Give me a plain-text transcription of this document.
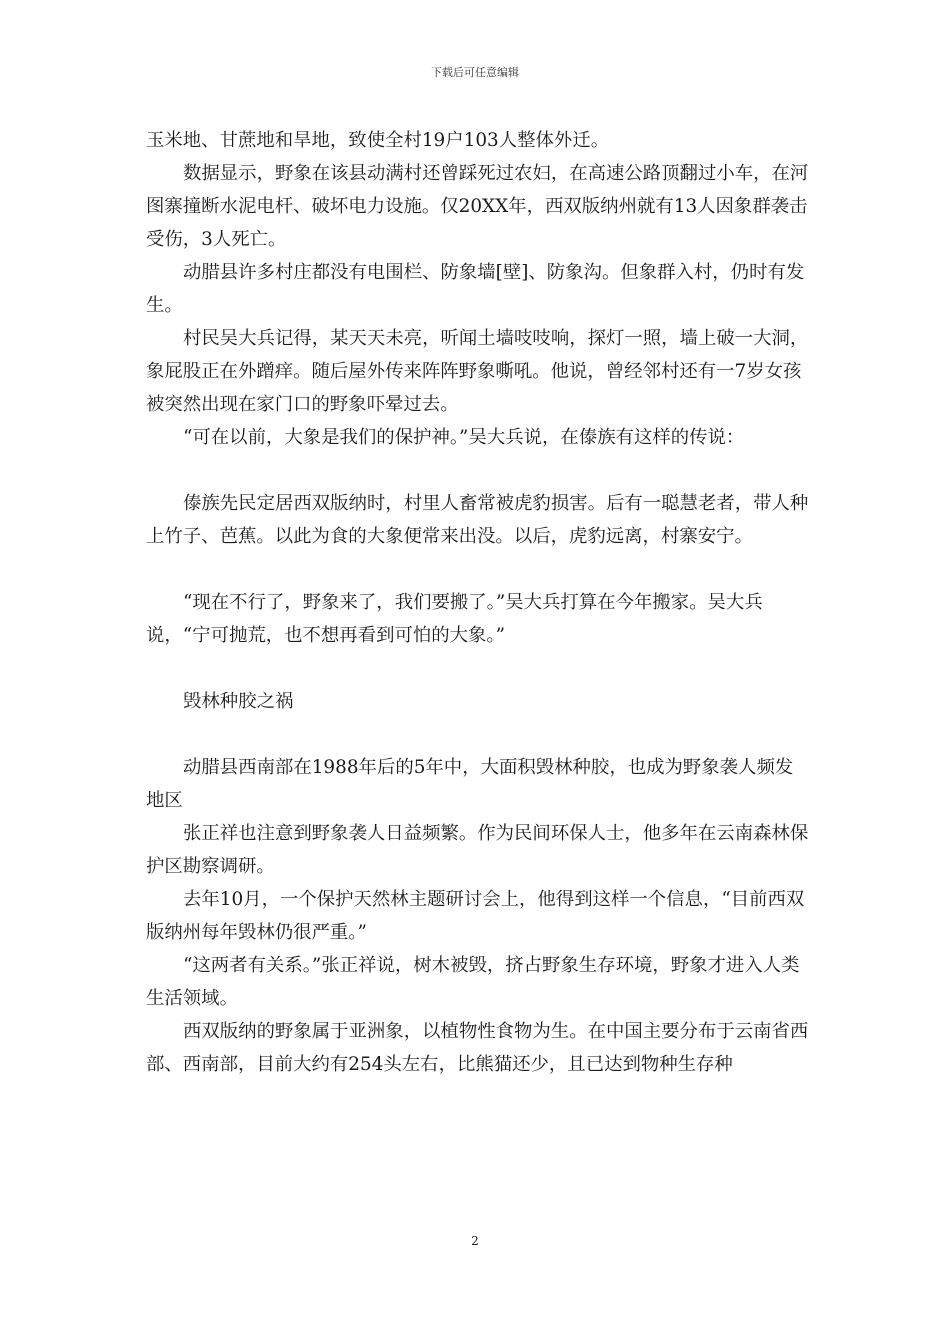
下载后可任意编辑

玉米地、甘蔗地和旱地，致使全村19户103人整体外迁。

数据显示，野象在该县动满村还曾踩死过农妇，在高速公路顶翻过小车，在河图寨撞断水泥电杆、破坏电力设施。仅20XX年，西双版纳州就有13人因象群袭击受伤，3人死亡。

动腊县许多村庄都没有电围栏、防象墙[壁]、防象沟。但象群入村，仍时有发生。

村民吴大兵记得，某天天未亮，听闻土墙吱吱响，探灯一照，墙上破一大洞，象屁股正在外蹭痒。随后屋外传来阵阵野象嘶吼。他说，曾经邻村还有一7岁女孩被突然出现在家门口的野象吓晕过去。

“可在以前，大象是我们的保护神。”吴大兵说，在傣族有这样的传说：

傣族先民定居西双版纳时，村里人畜常被虎豹损害。后有一聪慧老者，带人种上竹子、芭蕉。以此为食的大象便常来出没。以后，虎豹远离，村寨安宁。

“现在不行了，野象来了，我们要搬了。”吴大兵打算在今年搬家。吴大兵说，“宁可抛荒，也不想再看到可怕的大象。”

毁林种胶之祸

动腊县西南部在1988年后的5年中，大面积毁林种胶，也成为野象袭人频发地区

张正祥也注意到野象袭人日益频繁。作为民间环保人士，他多年在云南森林保护区勘察调研。

去年10月，一个保护天然林主题研讨会上，他得到这样一个信息，“目前西双版纳州每年毁林仍很严重。”

“这两者有关系。”张正祥说，树木被毁，挤占野象生存环境，野象才进入人类生活领域。

西双版纳的野象属于亚洲象，以植物性食物为生。在中国主要分布于云南省西部、西南部，目前大约有254头左右，比熊猫还少，且已达到物种生存种

2
